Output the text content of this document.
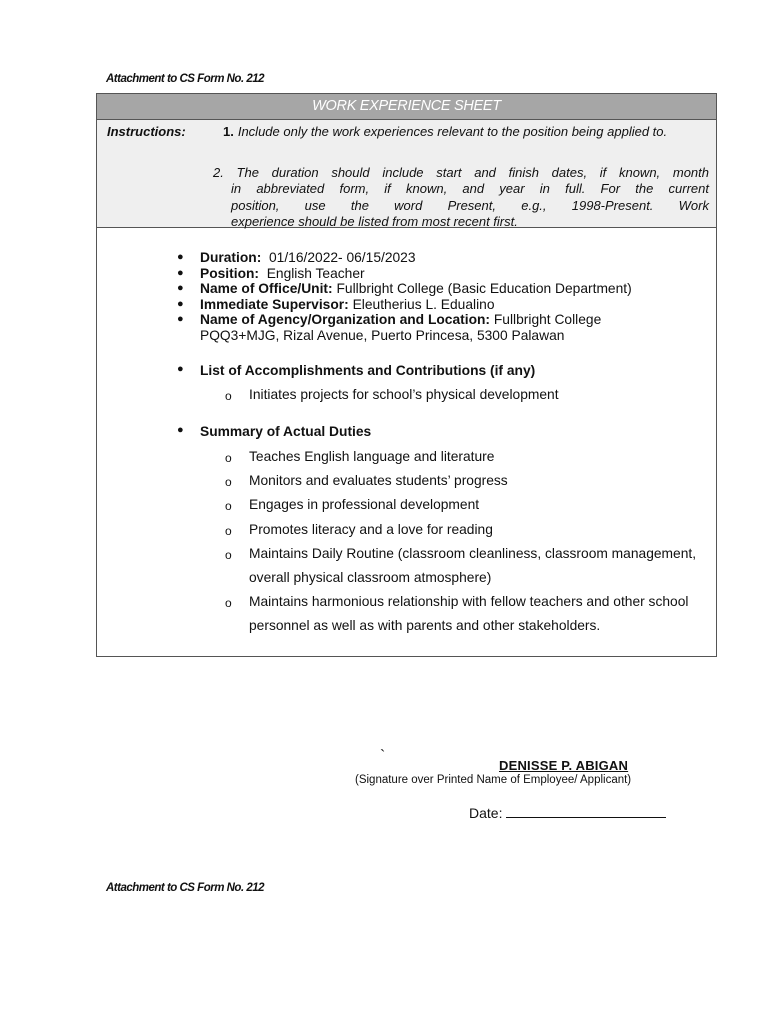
Attachment to CS Form No. 212
WORK EXPERIENCE SHEET
Instructions:	1. Include only the work experiences relevant to the position being applied to.
2. The duration should include start and finish dates, if known, month
in abbreviated form, if known, and year in full. For the current
position, use the word Present, e.g., 1998-Present. Work
experience should be listed from most recent first.
● Duration: 01/16/2022- 06/15/2023
● Position: English Teacher
● Name of Office/Unit: Fullbright College (Basic Education Department)
● Immediate Supervisor: Eleutherius L. Edualino
● Name of Agency/Organization and Location: Fullbright College
PQQ3+MJG, Rizal Avenue, Puerto Princesa, 5300 Palawan
● List of Accomplishments and Contributions (if any)
o Initiates projects for school’s physical development
● Summary of Actual Duties
o Teaches English language and literature
o Monitors and evaluates students’ progress
o Engages in professional development
o Promotes literacy and a love for reading
o Maintains Daily Routine (classroom cleanliness, classroom management, overall physical classroom atmosphere)
o Maintains harmonious relationship with fellow teachers and other school personnel as well as with parents and other stakeholders.
`
DENISSE P. ABIGAN
(Signature over Printed Name of Employee/ Applicant)
Date:
Attachment to CS Form No. 212
